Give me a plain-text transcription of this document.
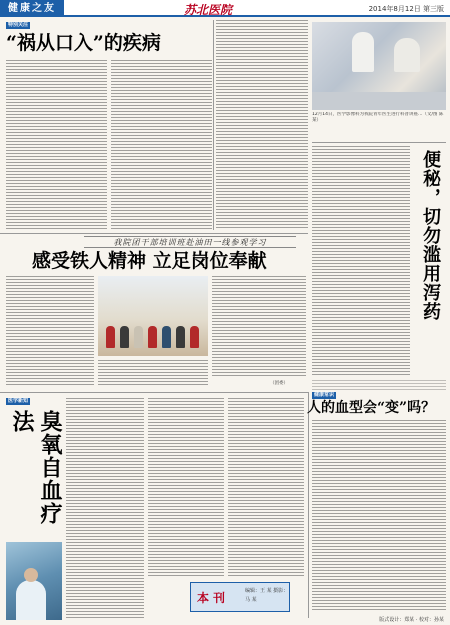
健康之友	苏北医院	2014年8月12日 第三版
特别关注
“祸从口入”的疾病
12月14日，医学影像科为我院青年医生进行科普讲座…（文/图 陈某）
便秘，切勿滥用泻药
我院团干部培训班赴油田一线参观学习
感受铁人精神 立足岗位奉献
（团委）
医学新知
臭氧自血疗法
健康常识
人的血型会“变”吗？
本刊	编辑：王 某 摄影：马 某
版式设计：郑某 · 校对：孙某
